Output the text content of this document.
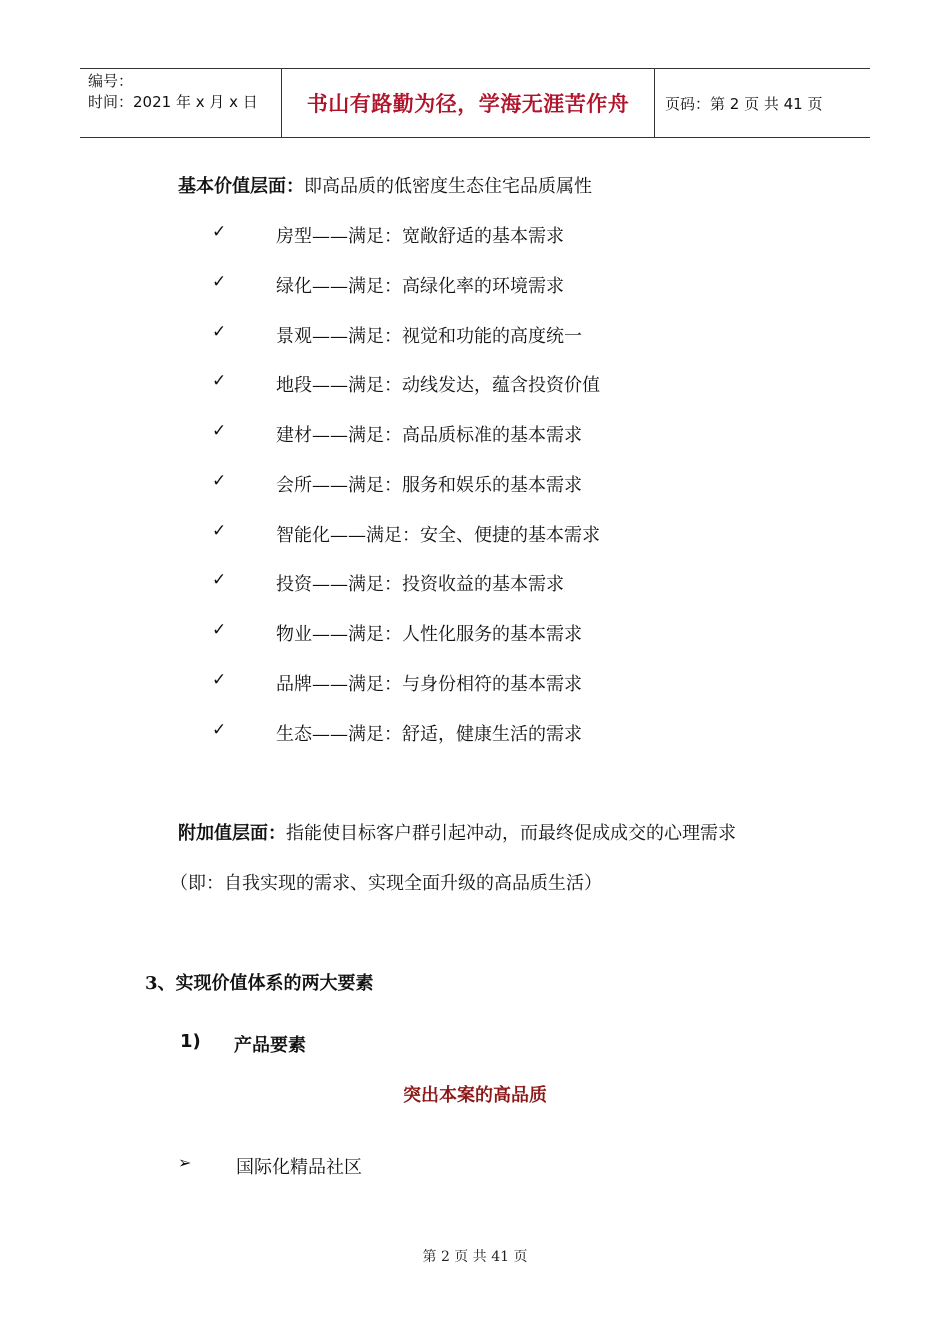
编号：
时间：2021 年 x 月 x 日	书山有路勤为径，学海无涯苦作舟 页码：第 2 页 共 41 页
基本价值层面：即高品质的低密度生态住宅品质属性
✓	房型——满足：宽敞舒适的基本需求
✓	绿化——满足：高绿化率的环境需求
✓	景观——满足：视觉和功能的高度统一
✓	地段——满足：动线发达，蕴含投资价值
✓	建材——满足：高品质标准的基本需求
✓	会所——满足：服务和娱乐的基本需求
✓	智能化——满足：安全、便捷的基本需求
✓	投资——满足：投资收益的基本需求
✓	物业——满足：人性化服务的基本需求
✓	品牌——满足：与身份相符的基本需求
✓	生态——满足：舒适，健康生活的需求
附加值层面：指能使目标客户群引起冲动，而最终促成成交的心理需求
（即：自我实现的需求、实现全面升级的高品质生活）
3、实现价值体系的两大要素
1)	产品要素
突出本案的高品质
➢	国际化精品社区
第 2 页 共 41 页
